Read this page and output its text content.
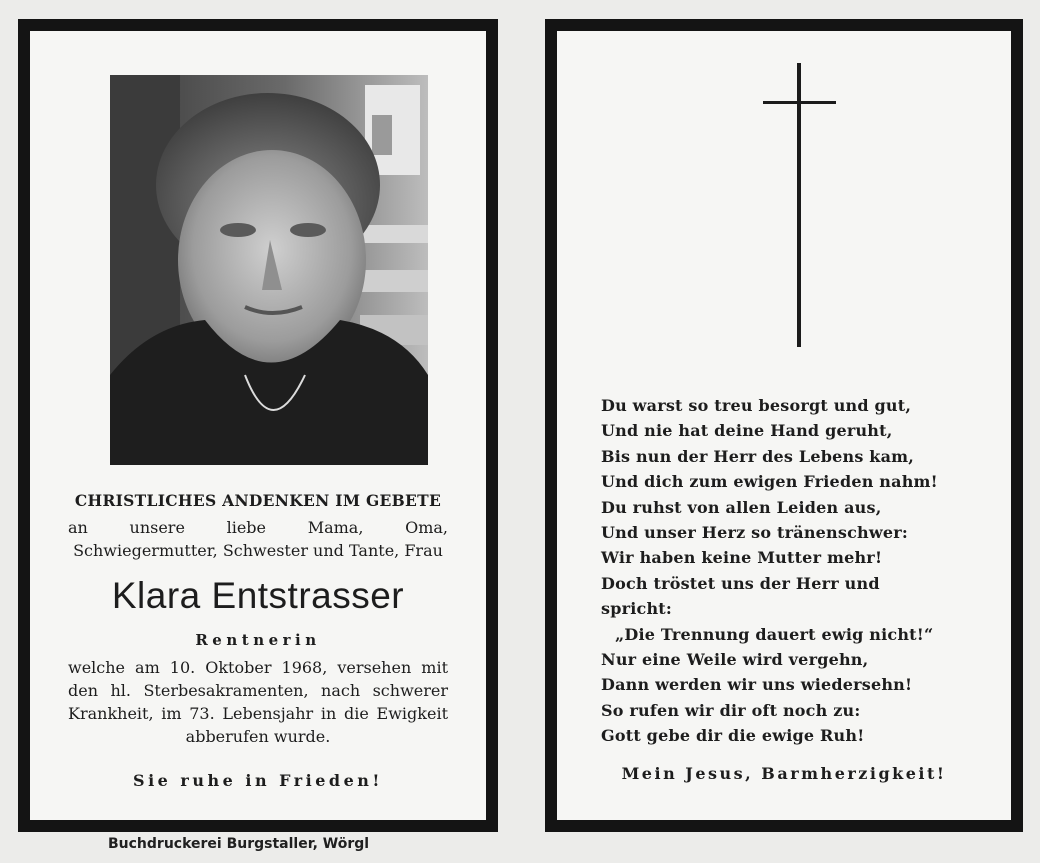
CHRISTLICHES ANDENKEN IM GEBETE
an unsere liebe Mama, Oma, Schwiegermutter, Schwester und Tante, Frau
Klara Entstrasser
Rentnerin
welche am 10. Oktober 1968, versehen mit den hl. Sterbesakramenten, nach schwerer Krankheit, im 73. Lebensjahr in die Ewigkeit abberufen wurde.
Sie ruhe in Frieden!
Du warst so treu besorgt und gut,
Und nie hat deine Hand geruht,
Bis nun der Herr des Lebens kam,
Und dich zum ewigen Frieden nahm!
Du ruhst von allen Leiden aus,
Und unser Herz so tränenschwer:
Wir haben keine Mutter mehr!
Doch tröstet uns der Herr und spricht:
„Die Trennung dauert ewig nicht!“
Nur eine Weile wird vergehn,
Dann werden wir uns wiedersehn!
So rufen wir dir oft noch zu:
Gott gebe dir die ewige Ruh!
Mein Jesus, Barmherzigkeit!
Buchdruckerei Burgstaller, Wörgl
